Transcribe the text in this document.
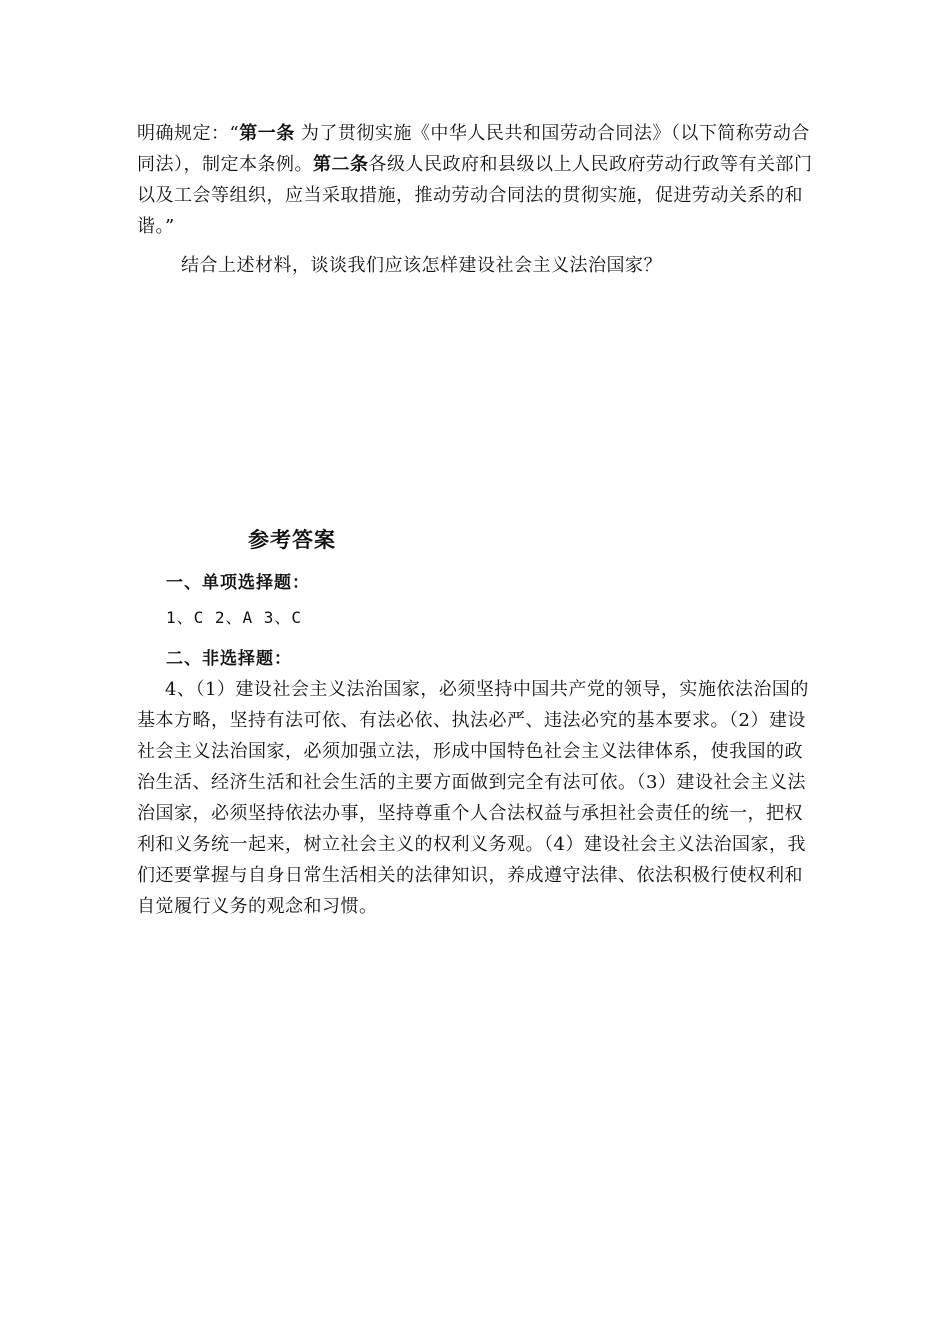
明确规定：“第一条 为了贯彻实施《中华人民共和国劳动合同法》（以下简称劳动合同法），制定本条例。第二条各级人民政府和县级以上人民政府劳动行政等有关部门以及工会等组织，应当采取措施，推动劳动合同法的贯彻实施，促进劳动关系的和谐。”
结合上述材料，谈谈我们应该怎样建设社会主义法治国家？
参考答案
一、单项选择题：
1、C 2、A 3、C
二、非选择题：
4、（1）建设社会主义法治国家，必须坚持中国共产党的领导，实施依法治国的基本方略，坚持有法可依、有法必依、执法必严、违法必究的基本要求。（2）建设社会主义法治国家，必须加强立法，形成中国特色社会主义法律体系，使我国的政治生活、经济生活和社会生活的主要方面做到完全有法可依。（3）建设社会主义法治国家，必须坚持依法办事，坚持尊重个人合法权益与承担社会责任的统一，把权利和义务统一起来，树立社会主义的权利义务观。（4）建设社会主义法治国家，我们还要掌握与自身日常生活相关的法律知识，养成遵守法律、依法积极行使权利和自觉履行义务的观念和习惯。
